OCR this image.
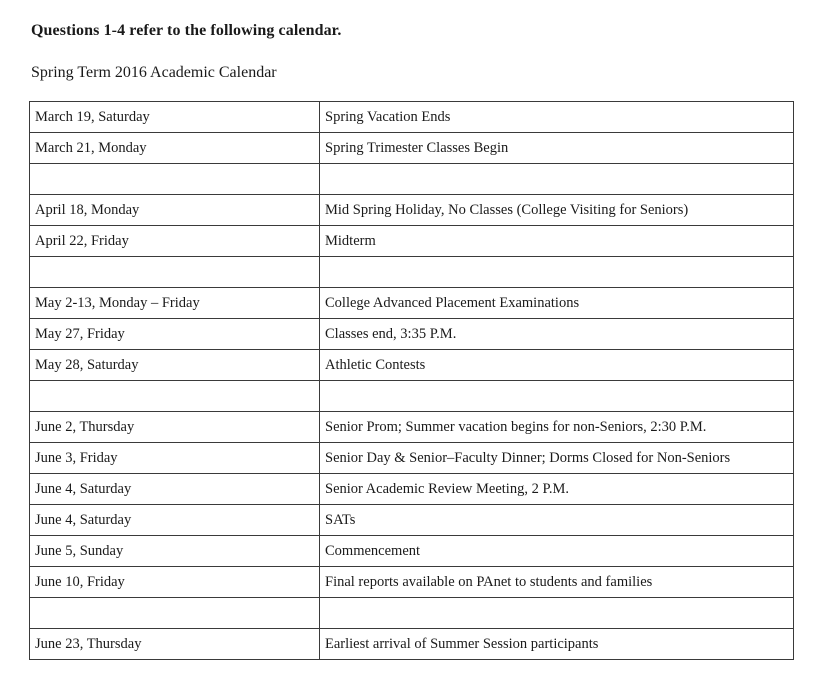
Questions 1-4 refer to the following calendar.
Spring Term 2016 Academic Calendar
March 19, Saturday	Spring Vacation Ends
March 21, Monday	Spring Trimester Classes Begin

April 18, Monday	Mid Spring Holiday, No Classes (College Visiting for Seniors)
April 22, Friday	Midterm

May 2-13, Monday – Friday	College Advanced Placement Examinations
May 27, Friday	Classes end, 3:35 P.M.
May 28, Saturday	Athletic Contests

June 2, Thursday	Senior Prom; Summer vacation begins for non-Seniors, 2:30 P.M.
June 3, Friday	Senior Day & Senior–Faculty Dinner; Dorms Closed for Non-Seniors
June 4, Saturday	Senior Academic Review Meeting, 2 P.M.
June 4, Saturday	SATs
June 5, Sunday	Commencement
June 10, Friday	Final reports available on PAnet to students and families

June 23, Thursday	Earliest arrival of Summer Session participants
